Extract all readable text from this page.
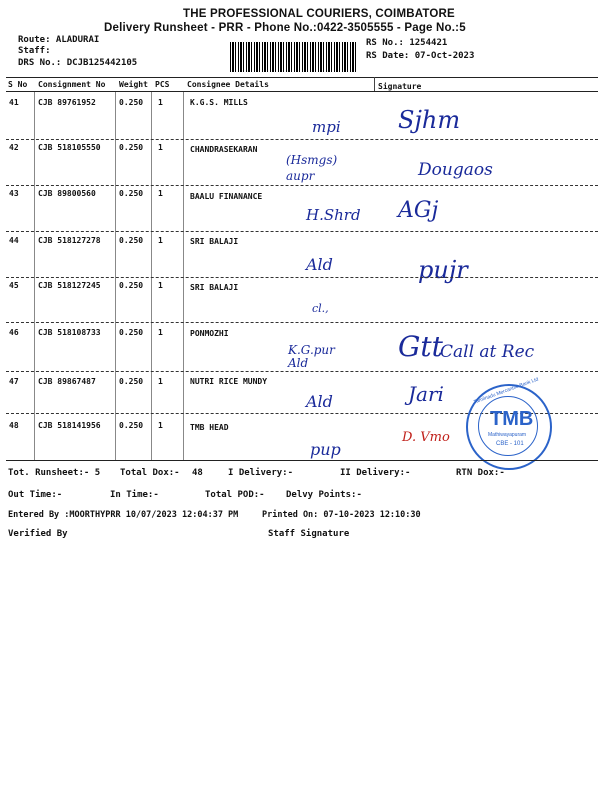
THE PROFESSIONAL COURIERS, COIMBATORE
Delivery Runsheet - PRR - Phone No.:0422-3505555 - Page No.:5
Route: ALADURAI
Staff:
DRS No.: DCJB125442105
RS No.: 1254421
RS Date: 07-Oct-2023
S No Consignment No Weight PCS Consignee Details	Signature
41 CJB 89761952	0.250 1	K.G.S. MILLS
mpi Sjhm
42 CJB 518105550 0.250 1	CHANDRASEKARAN
(Hsmgs) aupr	Dougaos
43 CJB 89800560	0.250 1	BAALU FINANANCE
H.Shrd AGj
44 CJB 518127278 0.250 1	SRI BALAJI
Ald	pujr
45 CJB 518127245 0.250 1	SRI BALAJI
cl.,
46 CJB 518108733 0.250 1	PONMOZHI
K.G.pur Ald	Gtt
Call at Rec
47 CJB 89867487	0.250 1	NUTRI RICE MUNDY
Ald	Jari
48 CJB 518141956 0.250 1	TMB HEAD
pup
D. Vmo
TMB
Tamilnadu Mercantile Bank Ltd
Mathiwayapuram
CBE - 101
Tot. Runsheet:- 5 Total Dox:- 48	I Delivery:-	II Delivery:-	RTN Dox:-
Out Time:-	In Time:-	Total POD:- Delvy Points:-
Entered By :MOORTHYPRR 10/07/2023 12:04:37 PM	Printed On: 07-10-2023 12:10:30
Verified By	Staff Signature
